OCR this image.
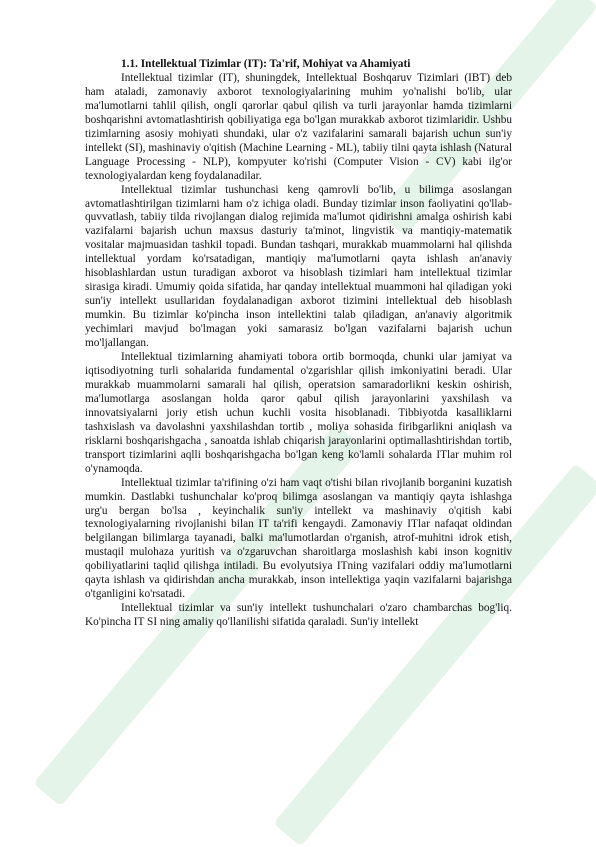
1.1. Intellektual Tizimlar (IT): Ta'rif, Mohiyat va Ahamiyati

Intellektual tizimlar (IT), shuningdek, Intellektual Boshqaruv Tizimlari (IBT) deb ham ataladi, zamonaviy axborot texnologiyalarining muhim yo'nalishi bo'lib, ular ma'lumotlarni tahlil qilish, ongli qarorlar qabul qilish va turli jarayonlar hamda tizimlarni boshqarishni avtomatlashtirish qobiliyatiga ega bo'lgan murakkab axborot tizimlaridir. Ushbu tizimlarning asosiy mohiyati shundaki, ular o'z vazifalarini samarali bajarish uchun sun'iy intellekt (SI), mashinaviy o'qitish (Machine Learning - ML), tabiiy tilni qayta ishlash (Natural Language Processing - NLP), kompyuter ko'rishi (Computer Vision - CV) kabi ilg'or texnologiyalardan keng foydalanadilar.

Intellektual tizimlar tushunchasi keng qamrovli bo'lib, u bilimga asoslangan avtomatlashtirilgan tizimlarni ham o'z ichiga oladi. Bunday tizimlar inson faoliyatini qo'llab-quvvatlash, tabiiy tilda rivojlangan dialog rejimida ma'lumot qidirishni amalga oshirish kabi vazifalarni bajarish uchun maxsus dasturiy ta'minot, lingvistik va mantiqiy-matematik vositalar majmuasidan tashkil topadi. Bundan tashqari, murakkab muammolarni hal qilishda intellektual yordam ko'rsatadigan, mantiqiy ma'lumotlarni qayta ishlash an'anaviy hisoblashlardan ustun turadigan axborot va hisoblash tizimlari ham intellektual tizimlar sirasiga kiradi. Umumiy qoida sifatida, har qanday intellektual muammoni hal qiladigan yoki sun'iy intellekt usullaridan foydalanadigan axborot tizimini intellektual deb hisoblash mumkin. Bu tizimlar ko'pincha inson intellektini talab qiladigan, an'anaviy algoritmik yechimlari mavjud bo'lmagan yoki samarasiz bo'lgan vazifalarni bajarish uchun mo'ljallangan.

Intellektual tizimlarning ahamiyati tobora ortib bormoqda, chunki ular jamiyat va iqtisodiyotning turli sohalarida fundamental o'zgarishlar qilish imkoniyatini beradi. Ular murakkab muammolarni samarali hal qilish, operatsion samaradorlikni keskin oshirish, ma'lumotlarga asoslangan holda qaror qabul qilish jarayonlarini yaxshilash va innovatsiyalarni joriy etish uchun kuchli vosita hisoblanadi. Tibbiyotda kasalliklarni tashxislash va davolashni yaxshilashdan tortib , moliya sohasida firibgarlikni aniqlash va risklarni boshqarishgacha , sanoatda ishlab chiqarish jarayonlarini optimallashtirishdan tortib, transport tizimlarini aqlli boshqarishgacha bo'lgan keng ko'lamli sohalarda ITlar muhim rol o'ynamoqda.

Intellektual tizimlar ta'rifining o'zi ham vaqt o'tishi bilan rivojlanib borganini kuzatish mumkin. Dastlabki tushunchalar ko'proq bilimga asoslangan va mantiqiy qayta ishlashga urg'u bergan bo'lsa , keyinchalik sun'iy intellekt va mashinaviy o'qitish kabi texnologiyalarning rivojlanishi bilan IT ta'rifi kengaydi. Zamonaviy ITlar nafaqat oldindan belgilangan bilimlarga tayanadi, balki ma'lumotlardan o'rganish, atrof-muhitni idrok etish, mustaqil mulohaza yuritish va o'zgaruvchan sharoitlarga moslashish kabi inson kognitiv qobiliyatlarini taqlid qilishga intiladi. Bu evolyutsiya ITning vazifalari oddiy ma'lumotlarni qayta ishlash va qidirishdan ancha murakkab, inson intellektiga yaqin vazifalarni bajarishga o'tganligini ko'rsatadi.

Intellektual tizimlar va sun'iy intellekt tushunchalari o'zaro chambarchas bog'liq. Ko'pincha IT SI ning amaliy qo'llanilishi sifatida qaraladi. Sun'iy intellekt
